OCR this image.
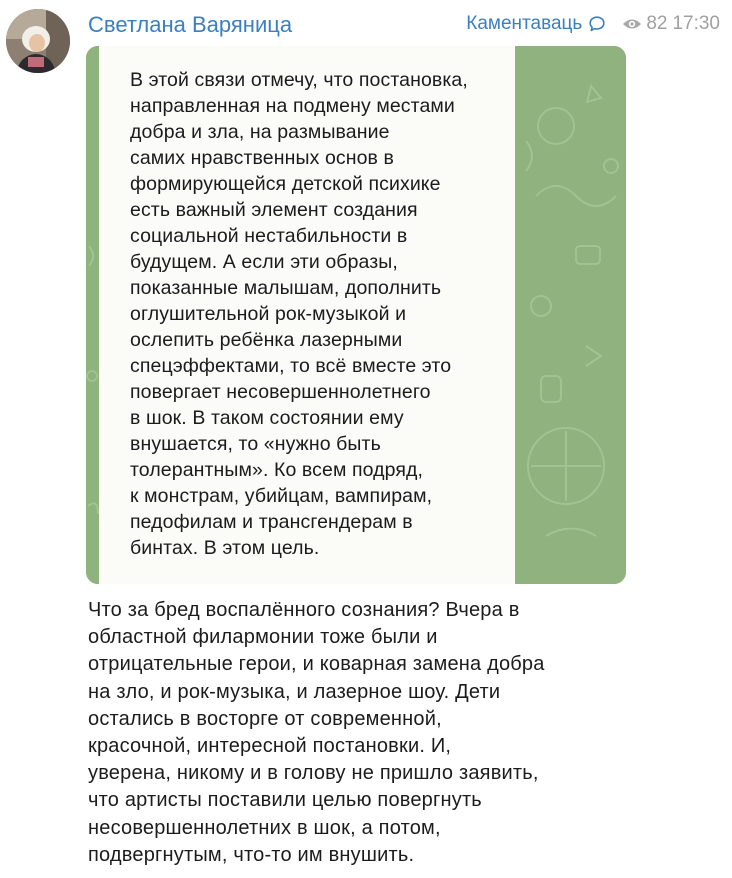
Светлана Варяница	Каментаваць	82 17:30
В этой связи отмечу, что постановка,
направленная на подмену местами
добра и зла, на размывание
самих нравственных основ в
формирующейся детской психике
есть важный элемент создания
социальной нестабильности в
будущем. А если эти образы,
показанные малышам, дополнить
оглушительной рок-музыкой и
ослепить ребёнка лазерными
спецэффектами, то всё вместе это
повергает несовершеннолетнего
в шок. В таком состоянии ему
внушается, то «нужно быть
толерантным». Ко всем подряд,
к монстрам, убийцам, вампирам,
педофилам и трансгендерам в
бинтах. В этом цель.
Что за бред воспалённого сознания? Вчера в
областной филармонии тоже были и
отрицательные герои, и коварная замена добра
на зло, и рок-музыка, и лазерное шоу. Дети
остались в восторге от современной,
красочной, интересной постановки. И,
уверена, никому и в голову не пришло заявить,
что артисты поставили целью повергнуть
несовершеннолетних в шок, а потом,
подвергнутым, что-то им внушить.
